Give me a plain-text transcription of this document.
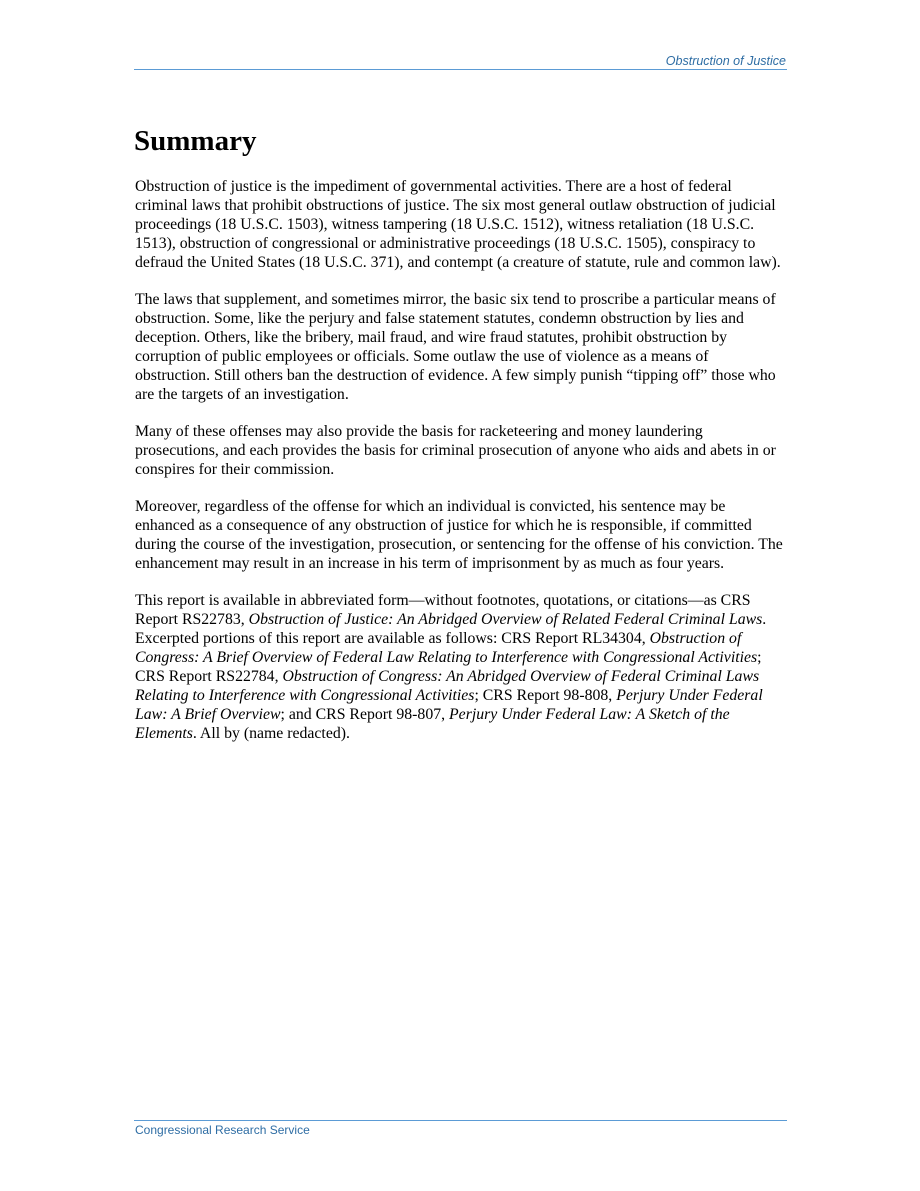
Obstruction of Justice
Summary

Obstruction of justice is the impediment of governmental activities. There are a host of federal criminal laws that prohibit obstructions of justice. The six most general outlaw obstruction of judicial proceedings (18 U.S.C. 1503), witness tampering (18 U.S.C. 1512), witness retaliation (18 U.S.C. 1513), obstruction of congressional or administrative proceedings (18 U.S.C. 1505), conspiracy to defraud the United States (18 U.S.C. 371), and contempt (a creature of statute, rule and common law).

The laws that supplement, and sometimes mirror, the basic six tend to proscribe a particular means of obstruction. Some, like the perjury and false statement statutes, condemn obstruction by lies and deception. Others, like the bribery, mail fraud, and wire fraud statutes, prohibit obstruction by corruption of public employees or officials. Some outlaw the use of violence as a means of obstruction. Still others ban the destruction of evidence. A few simply punish “tipping off” those who are the targets of an investigation.

Many of these offenses may also provide the basis for racketeering and money laundering prosecutions, and each provides the basis for criminal prosecution of anyone who aids and abets in or conspires for their commission.

Moreover, regardless of the offense for which an individual is convicted, his sentence may be enhanced as a consequence of any obstruction of justice for which he is responsible, if committed during the course of the investigation, prosecution, or sentencing for the offense of his conviction. The enhancement may result in an increase in his term of imprisonment by as much as four years.

This report is available in abbreviated form—without footnotes, quotations, or citations—as CRS Report RS22783, Obstruction of Justice: An Abridged Overview of Related Federal Criminal Laws. Excerpted portions of this report are available as follows: CRS Report RL34304, Obstruction of Congress: A Brief Overview of Federal Law Relating to Interference with Congressional Activities; CRS Report RS22784, Obstruction of Congress: An Abridged Overview of Federal Criminal Laws Relating to Interference with Congressional Activities; CRS Report 98-808, Perjury Under Federal Law: A Brief Overview; and CRS Report 98-807, Perjury Under Federal Law: A Sketch of the Elements. All by (name redacted).

Congressional Research Service
